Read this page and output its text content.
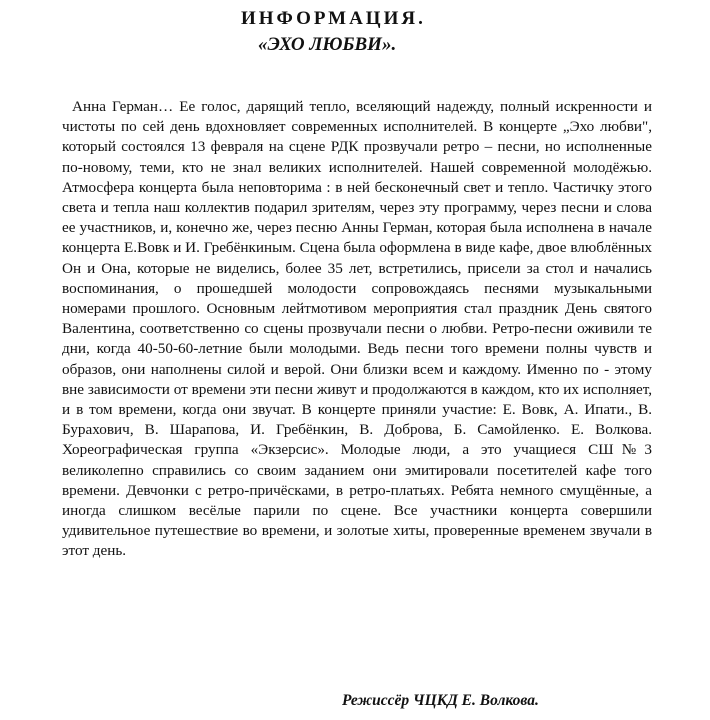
ИНФОРМАЦИЯ.
«ЭХО ЛЮБВИ».

Анна Герман… Ее голос, дарящий тепло, вселяющий надежду, полный искренности и чистоты по сей день вдохновляет современных исполнителей. В концерте „Эхо любви", который состоялся 13 февраля на сцене РДК прозвучали ретро – песни, но исполненные по-новому, теми, кто не знал великих исполнителей. Нашей современной молодёжью. Атмосфера концерта была неповторима : в ней бесконечный свет и тепло. Частичку этого света и тепла наш коллектив подарил зрителям, через эту программу, через песни и слова ее участников, и, конечно же, через песню Анны Герман, которая была исполнена в начале концерта Е.Вовк и И. Гребёнкиным. Сцена была оформлена в виде кафе, двое влюблённых Он и Она, которые не виделись, более 35 лет, встретились, присели за стол и начались воспоминания, о прошедшей молодости сопровождаясь песнями музыкальными номерами прошлого. Основным лейтмотивом мероприятия стал праздник День святого Валентина, соответственно со сцены прозвучали песни о любви. Ретро-песни оживили те дни, когда 40-50-60-летние были молодыми. Ведь песни того времени полны чувств и образов, они наполнены силой и верой. Они близки всем и каждому. Именно по - этому вне зависимости от времени эти песни живут и продолжаются в каждом, кто их исполняет, и в том времени, когда они звучат. В концерте приняли участие: Е. Вовк, А. Ипати., В. Бурахович, В. Шарапова, И. Гребёнкин, В. Доброва, Б. Самойленко. Е. Волкова. Хореографическая группа «Экзерсис». Молодые люди, а это учащиеся СШ№3 великолепно справились со своим заданием они эмитировали посетителей кафе того времени. Девчонки с ретро-причёсками, в ретро-платьях. Ребята немного смущённые, а иногда слишком весёлые парили по сцене. Все участники концерта совершили удивительное путешествие во времени, и золотые хиты, проверенные временем звучали в этот день.

Режиссёр ЧЦКД Е. Волкова.
